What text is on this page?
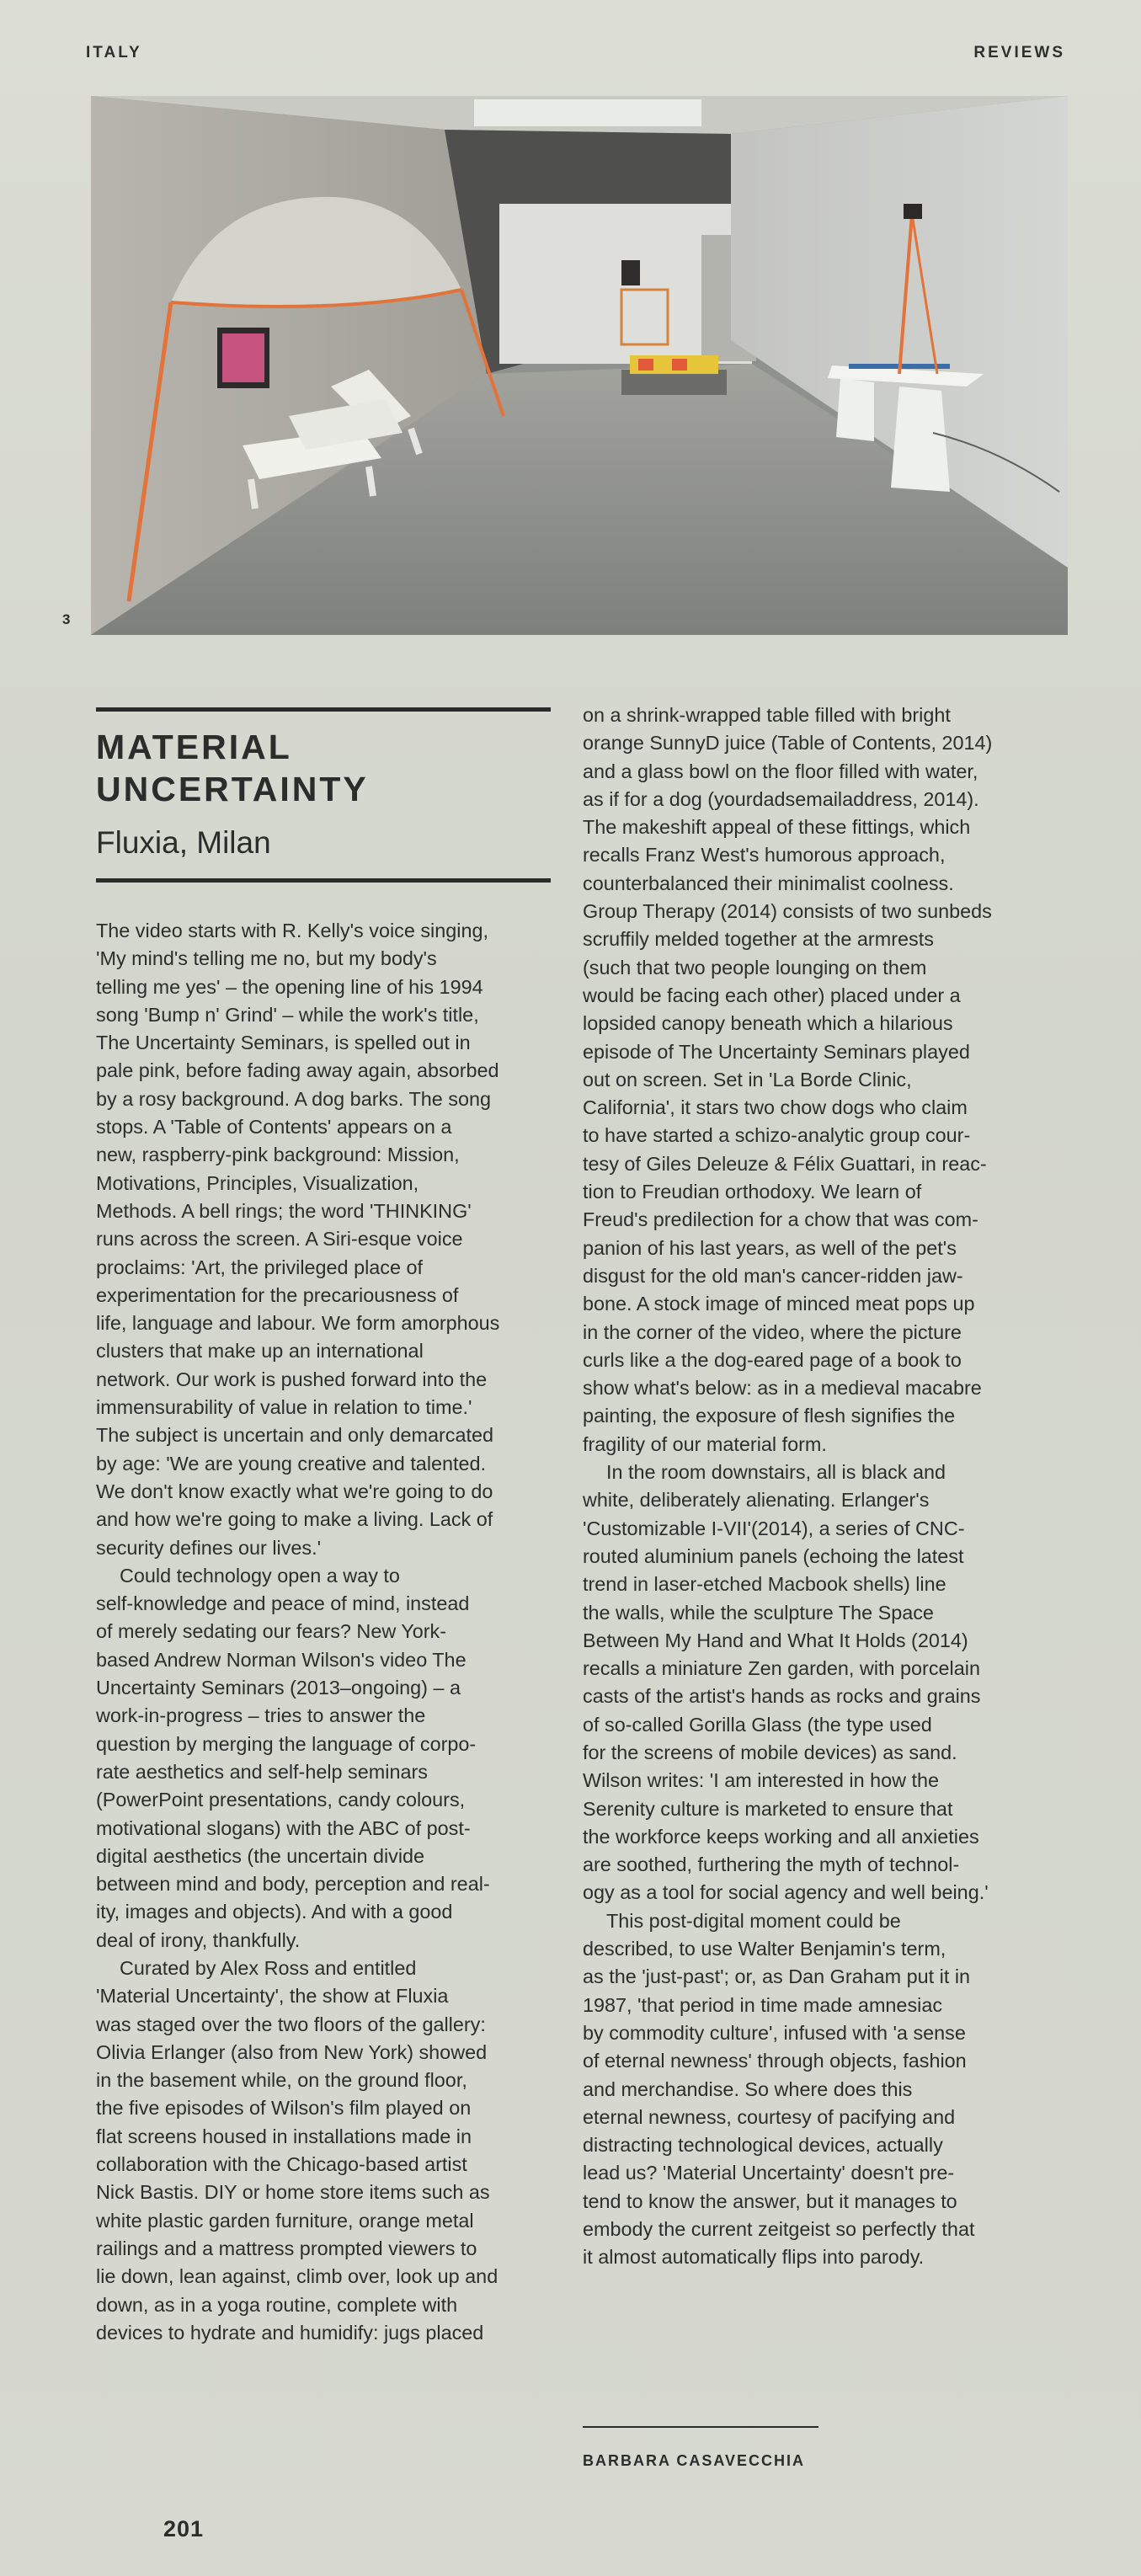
ITALY	REVIEWS
3
MATERIAL
UNCERTAINTY
Fluxia, Milan
The video starts with R. Kelly's voice singing,
'My mind's telling me no, but my body's
telling me yes' – the opening line of his 1994
song 'Bump n' Grind' – while the work's title,
The Uncertainty Seminars, is spelled out in
pale pink, before fading away again, absorbed
by a rosy background. A dog barks. The song
stops. A 'Table of Contents' appears on a
new, raspberry-pink background: Mission,
Motivations, Principles, Visualization,
Methods. A bell rings; the word 'THINKING'
runs across the screen. A Siri-esque voice
proclaims: 'Art, the privileged place of
experimentation for the precariousness of
life, language and labour. We form amorphous
clusters that make up an international
network. Our work is pushed forward into the
immensurability of value in relation to time.'
The subject is uncertain and only demarcated
by age: 'We are young creative and talented.
We don't know exactly what we're going to do
and how we're going to make a living. Lack of
security defines our lives.'
Could technology open a way to
self-knowledge and peace of mind, instead
of merely sedating our fears? New York-
based Andrew Norman Wilson's video The
Uncertainty Seminars (2013–ongoing) – a
work-in-progress – tries to answer the
question by merging the language of corpo-
rate aesthetics and self-help seminars
(PowerPoint presentations, candy colours,
motivational slogans) with the ABC of post-
digital aesthetics (the uncertain divide
between mind and body, perception and real-
ity, images and objects). And with a good
deal of irony, thankfully.
Curated by Alex Ross and entitled
'Material Uncertainty', the show at Fluxia
was staged over the two floors of the gallery:
Olivia Erlanger (also from New York) showed
in the basement while, on the ground floor,
the five episodes of Wilson's film played on
flat screens housed in installations made in
collaboration with the Chicago-based artist
Nick Bastis. DIY or home store items such as
white plastic garden furniture, orange metal
railings and a mattress prompted viewers to
lie down, lean against, climb over, look up and
down, as in a yoga routine, complete with
devices to hydrate and humidify: jugs placed
on a shrink-wrapped table filled with bright
orange SunnyD juice (Table of Contents, 2014)
and a glass bowl on the floor filled with water,
as if for a dog (yourdadsemailaddress, 2014).
The makeshift appeal of these fittings, which
recalls Franz West's humorous approach,
counterbalanced their minimalist coolness.
Group Therapy (2014) consists of two sunbeds
scruffily melded together at the armrests
(such that two people lounging on them
would be facing each other) placed under a
lopsided canopy beneath which a hilarious
episode of The Uncertainty Seminars played
out on screen. Set in 'La Borde Clinic,
California', it stars two chow dogs who claim
to have started a schizo-analytic group cour-
tesy of Giles Deleuze & Félix Guattari, in reac-
tion to Freudian orthodoxy. We learn of
Freud's predilection for a chow that was com-
panion of his last years, as well of the pet's
disgust for the old man's cancer-ridden jaw-
bone. A stock image of minced meat pops up
in the corner of the video, where the picture
curls like a the dog-eared page of a book to
show what's below: as in a medieval macabre
painting, the exposure of flesh signifies the
fragility of our material form.
In the room downstairs, all is black and
white, deliberately alienating. Erlanger's
'Customizable I-VII'(2014), a series of CNC-
routed aluminium panels (echoing the latest
trend in laser-etched Macbook shells) line
the walls, while the sculpture The Space
Between My Hand and What It Holds (2014)
recalls a miniature Zen garden, with porcelain
casts of the artist's hands as rocks and grains
of so-called Gorilla Glass (the type used
for the screens of mobile devices) as sand.
Wilson writes: 'I am interested in how the
Serenity culture is marketed to ensure that
the workforce keeps working and all anxieties
are soothed, furthering the myth of technol-
ogy as a tool for social agency and well being.'
This post-digital moment could be
described, to use Walter Benjamin's term,
as the 'just-past'; or, as Dan Graham put it in
1987, 'that period in time made amnesiac
by commodity culture', infused with 'a sense
of eternal newness' through objects, fashion
and merchandise. So where does this
eternal newness, courtesy of pacifying and
distracting technological devices, actually
lead us? 'Material Uncertainty' doesn't pre-
tend to know the answer, but it manages to
embody the current zeitgeist so perfectly that
it almost automatically flips into parody.
BARBARA CASAVECCHIA
201
